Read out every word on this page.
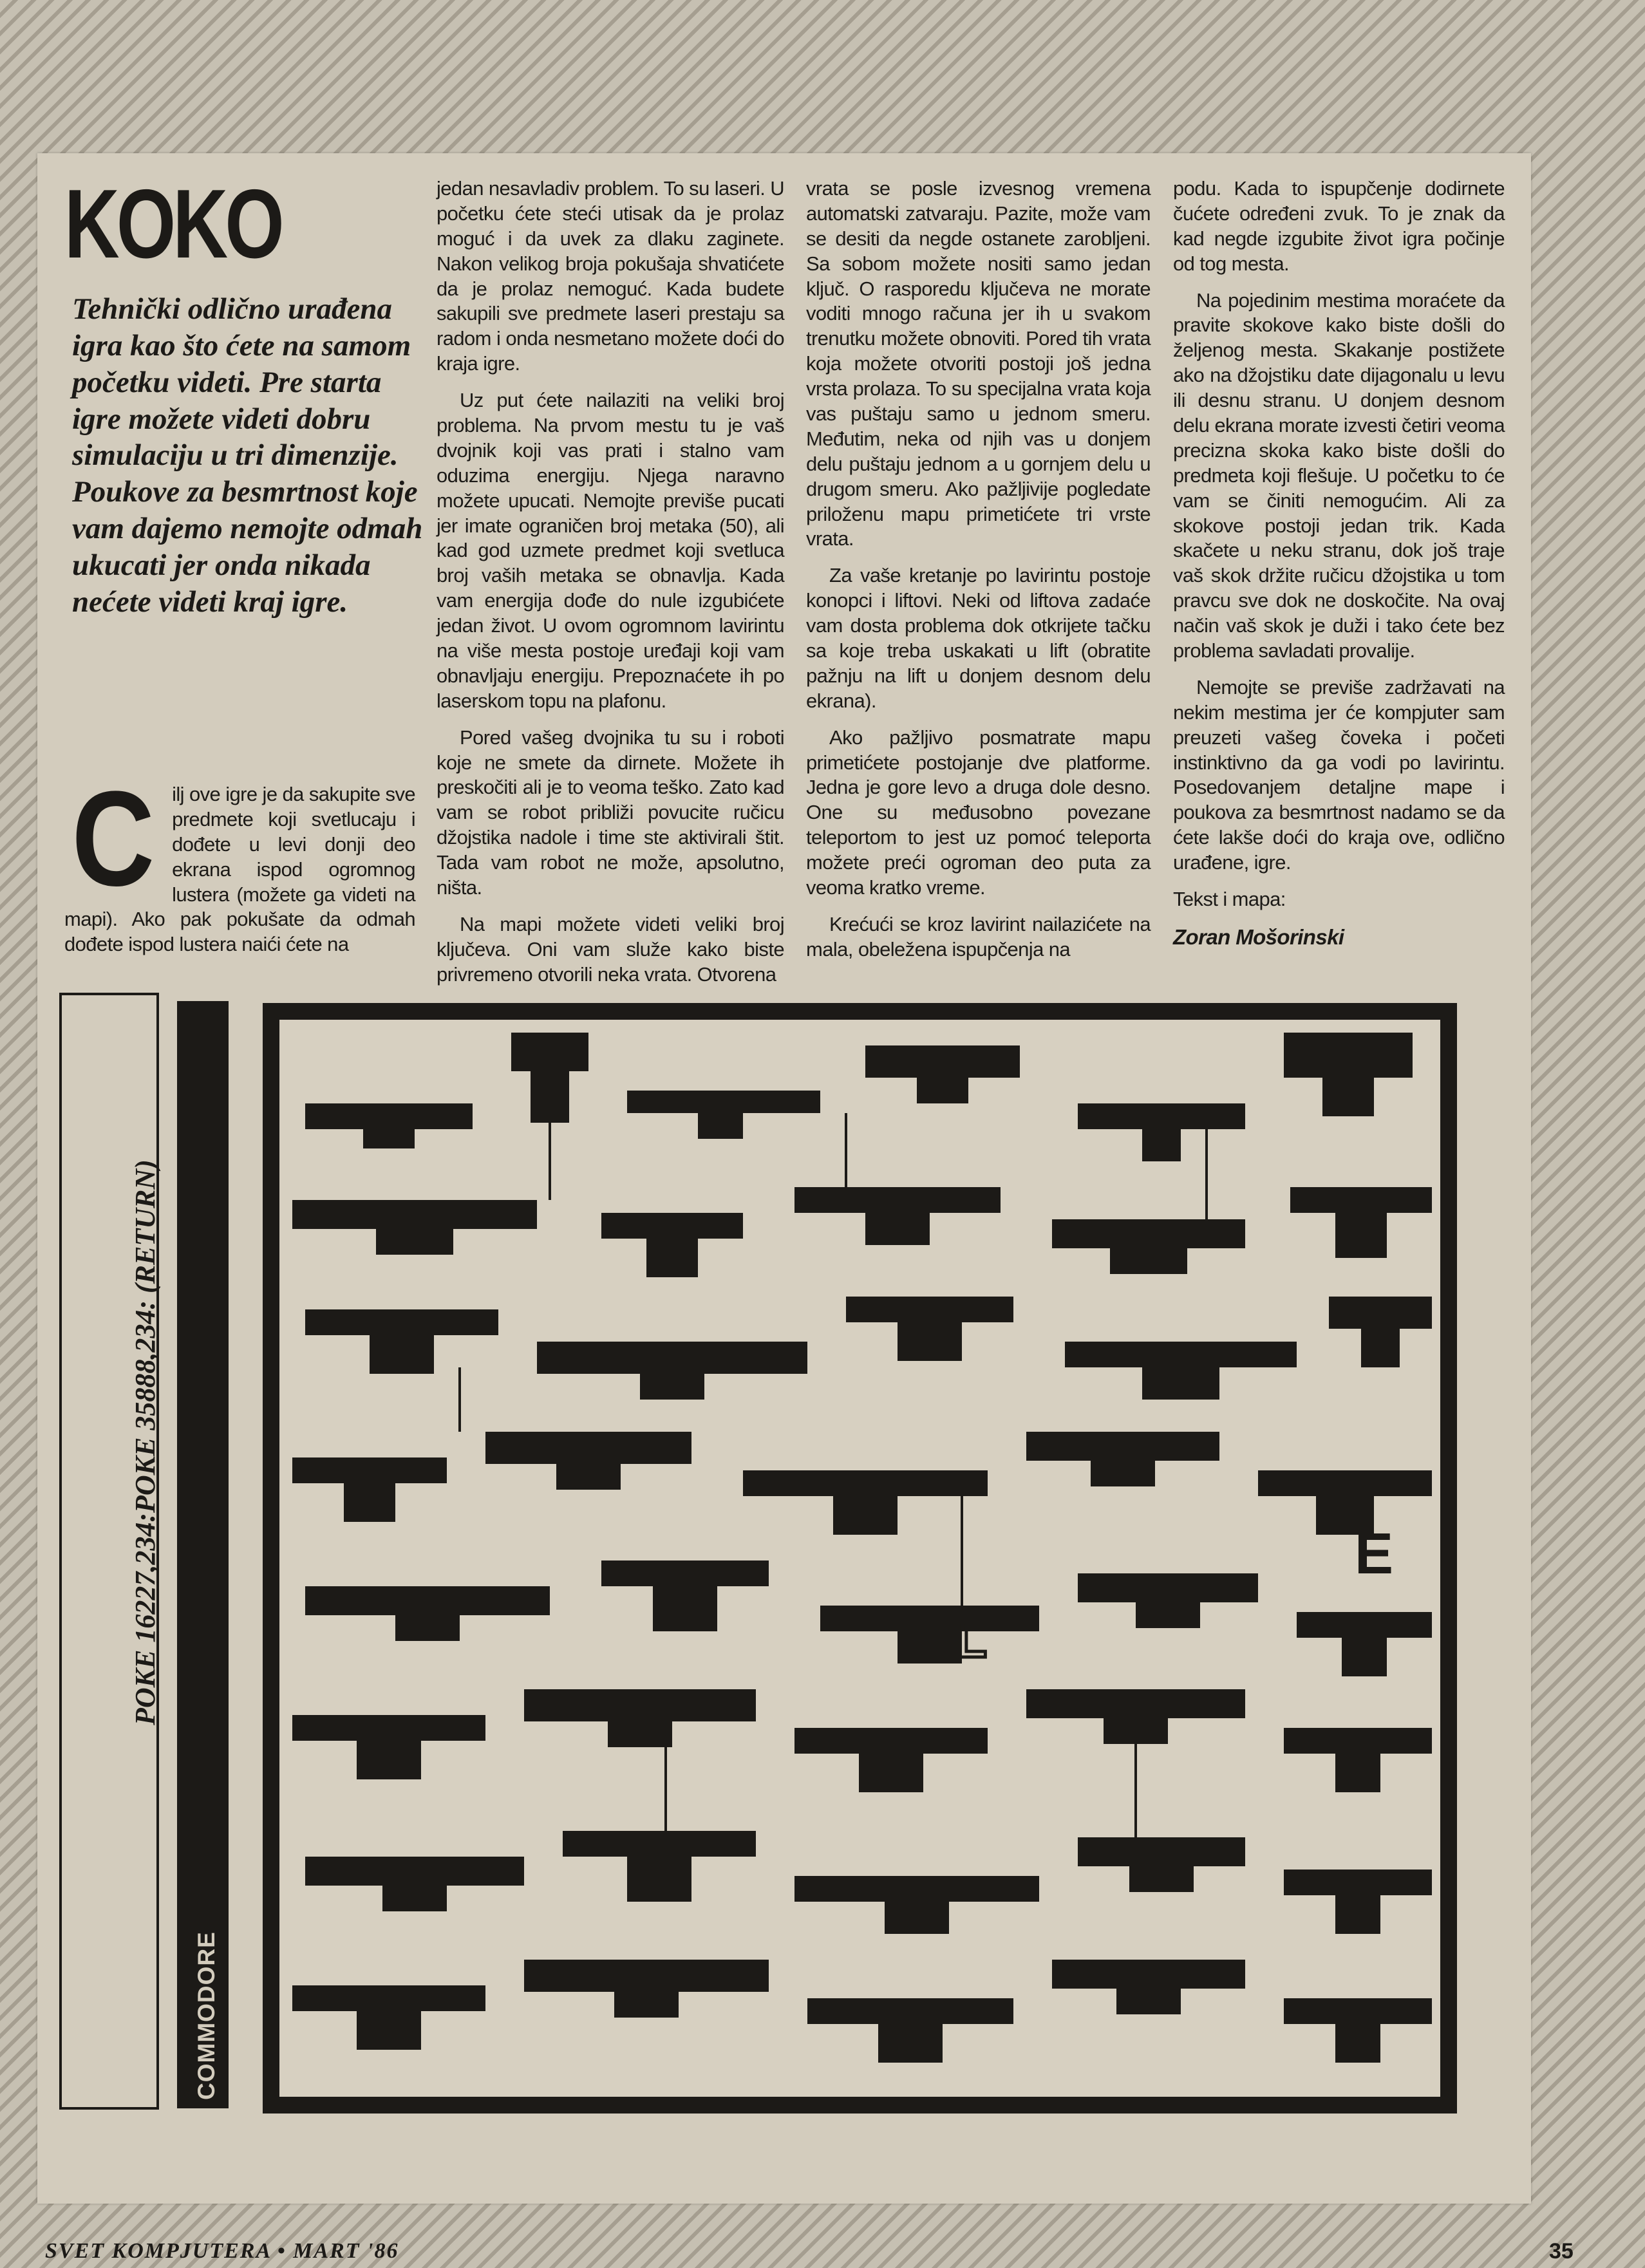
KOKO

Tehnički odlično urađena igra kao što ćete na samom početku videti. Pre starta igre možete videti dobru simulaciju u tri dimenzije. Poukove za besmrtnost koje vam dajemo nemojte odmah ukucati jer onda nikada nećete videti kraj igre.

C ilj ove igre je da sakupite sve predmete koji svetlucaju i dođete u levi donji deo ekrana ispod ogromnog lustera (možete ga videti na mapi). Ako pak pokušate da odmah dođete ispod lustera naići ćete na

jedan nesavladiv problem. To su laseri. U početku ćete steći utisak da je prolaz moguć i da uvek za dlaku zaginete. Nakon velikog broja pokušaja shvatićete da je prolaz nemoguć. Kada budete sakupili sve predmete laseri prestaju sa radom i onda nesmetano možete doći do kraja igre.

Uz put ćete nailaziti na veliki broj problema. Na prvom mestu tu je vaš dvojnik koji vas prati i stalno vam oduzima energiju. Njega naravno možete upucati. Nemojte previše pucati jer imate ograničen broj metaka (50), ali kad god uzmete predmet koji svetluca broj vaših metaka se obnavlja. Kada vam energija dođe do nule izgubićete jedan život. U ovom ogromnom lavirintu na više mesta postoje uređaji koji vam obnavljaju energiju. Prepoznaćete ih po laserskom topu na plafonu.

Pored vašeg dvojnika tu su i roboti koje ne smete da dirnete. Možete ih preskočiti ali je to veoma teško. Zato kad vam se robot približi povucite ručicu džojstika nadole i time ste aktivirali štit. Tada vam robot ne može, apsolutno, ništa.

Na mapi možete videti veliki broj ključeva. Oni vam služe kako biste privremeno otvorili neka vrata. Otvorena

vrata se posle izvesnog vremena automatski zatvaraju. Pazite, može vam se desiti da negde ostanete zarobljeni. Sa sobom možete nositi samo jedan ključ. O rasporedu ključeva ne morate voditi mnogo računa jer ih u svakom trenutku možete obnoviti. Pored tih vrata koja možete otvoriti postoji još jedna vrsta prolaza. To su specijalna vrata koja vas puštaju samo u jednom smeru. Međutim, neka od njih vas u donjem delu puštaju jednom a u gornjem delu u drugom smeru. Ako pažljivije pogledate priloženu mapu primetićete tri vrste vrata.

Za vaše kretanje po lavirintu postoje konopci i liftovi. Neki od liftova zadaće vam dosta problema dok otkrijete tačku sa koje treba uskakati u lift (obratite pažnju na lift u donjem desnom delu ekrana).

Ako pažljivo posmatrate mapu primetićete postojanje dve platforme. Jedna je gore levo a druga dole desno. One su međusobno povezane teleportom to jest uz pomoć teleporta možete preći ogroman deo puta za veoma kratko vreme.

Krećući se kroz lavirint nailazićete na mala, obeležena ispupčenja na

podu. Kada to ispupčenje dodirnete čućete određeni zvuk. To je znak da kad negde izgubite život igra počinje od tog mesta.

Na pojedinim mestima moraćete da pravite skokove kako biste došli do željenog mesta. Skakanje postižete ako na džojstiku date dijagonalu u levu ili desnu stranu. U donjem desnom delu ekrana morate izvesti četiri veoma precizna skoka kako biste došli do predmeta koji flešuje. U početku to će vam se činiti nemogućim. Ali za skokove postoji jedan trik. Kada skačete u neku stranu, dok još traje vaš skok držite ručicu džojstika u tom pravcu sve dok ne doskočite. Na ovaj način vaš skok je duži i tako ćete bez problema savladati provalije.

Nemojte se previše zadržavati na nekim mestima jer će kompjuter sam preuzeti vašeg čoveka i početi instinktivno da ga vodi po lavirintu. Posedovanjem detaljne mape i poukova za besmrtnost nadamo se da ćete lakše doći do kraja ove, odlično urađene, igre.

Tekst i mapa:

Zoran Mošorinski

POKE 16227,234:POKE 35888,234: (RETURN)
COMMODORE
E
L
SVET KOMPJUTERA • MART '86	35
